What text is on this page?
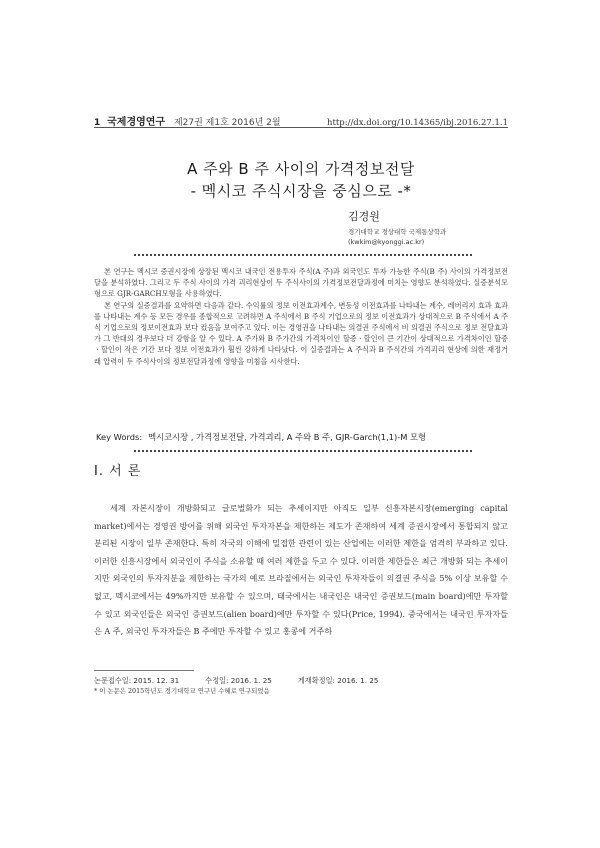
1 국제경영연구 제27권 제1호 2016년 2월	http://dx.doi.org/10.14365/ibj.2016.27.1.1
A 주와 B 주 사이의 가격정보전달
- 멕시코 주식시장을 중심으로 -*
김경원
경기대학교 경상대학 국제통상학과
(kwkim@kyonggi.ac.kr)

본 연구는 멕시코 증권시장에 상장된 멕시코 내국인 전용투자 주식(A 주)과 외국인도 투자 가능한 주식(B 주) 사이의 가격정보전달을 분석하였다. 그리고 두 주식 사이의 가격 괴리현상이 두 주식사이의 가격정보전달과정에 미치는 영향도 분석하였다. 실증분석모형으로 GJR-GARCH모형을 사용하였다.

본 연구의 실증결과를 요약하면 다음과 같다. 수익률의 정보 이전효과계수, 변동성 이전효과를 나타내는 계수, 레버리지 효과 효과를 나타내는 계수 등 모든 경우를 종합적으로 고려하면 A 주식에서 B 주식 기업으로의 정보 이전효과가 상대적으로 B 주식에서 A 주식 기업으로의 정보이전효과 보다 컸음을 보여주고 있다. 이는 경영권을 나타내는 의결권 주식에서 비 의결권 주식으로 정보 전달효과가 그 반대의 경우보다 더 강함을 알 수 있다. A 주가와 B 주가간의 가격차이인 할증ㆍ할인이 큰 기간이 상대적으로 가격차이인 할증ㆍ할인이 작은 기간 보다 정보 이전효과가 훨씬 강하게 나타났다. 이 실증결과는 A 주식과 B 주식간의 가격괴리 현상에 의한 재정거래 압력이 두 주식사이의 정보전달과정에 영향을 미침을 시사한다.

Key Words: 멕시코시장 , 가격정보전달, 가격괴리, A 주와 B 주, GJR-Garch(1,1)-M 모형
Ⅰ. 서 론

세계 자본시장이 개방화되고 글로벌화가 되는 추세이지만 아직도 일부 신흥자본시장(emerging capital market)에서는 경영권 방어를 위해 외국인 투자자본을 제한하는 제도가 존재하여 세계 증권시장에서 통합되지 않고 분리된 시장이 일부 존재한다. 특히 자국의 이해에 밀접한 관련이 있는 산업에는 이러한 제한을 엄격히 부과하고 있다. 이러한 신흥시장에서 외국인이 주식을 소유할 때 여러 제한을 두고 수 있다. 이러한 제한들은 최근 개방화 되는 추세이지만 외국인의 투자지분을 제한하는 국가의 예로 브라질에서는 외국인 투자자들이 의결권 주식을 5% 이상 보유할 수 없고, 멕시코에서는 49%까지만 보유할 수 있으며, 태국에서는 내국인은 내국인 증권보드(main board)에만 투자할 수 있고 외국인들은 외국인 증권보드(alien board)에만 투자할 수 있다(Price, 1994). 중국에서는 내국인 투자자들은 A 주, 외국인 투자자들은 B 주에만 투자할 수 있고 홍콩에 거주하

논문접수일: 2015. 12. 31	수정일: 2016. 1. 25	게재확정일: 2016. 1. 25
* 이 논문은 2015학년도 경기대학교 연구년 수혜로 연구되었음
